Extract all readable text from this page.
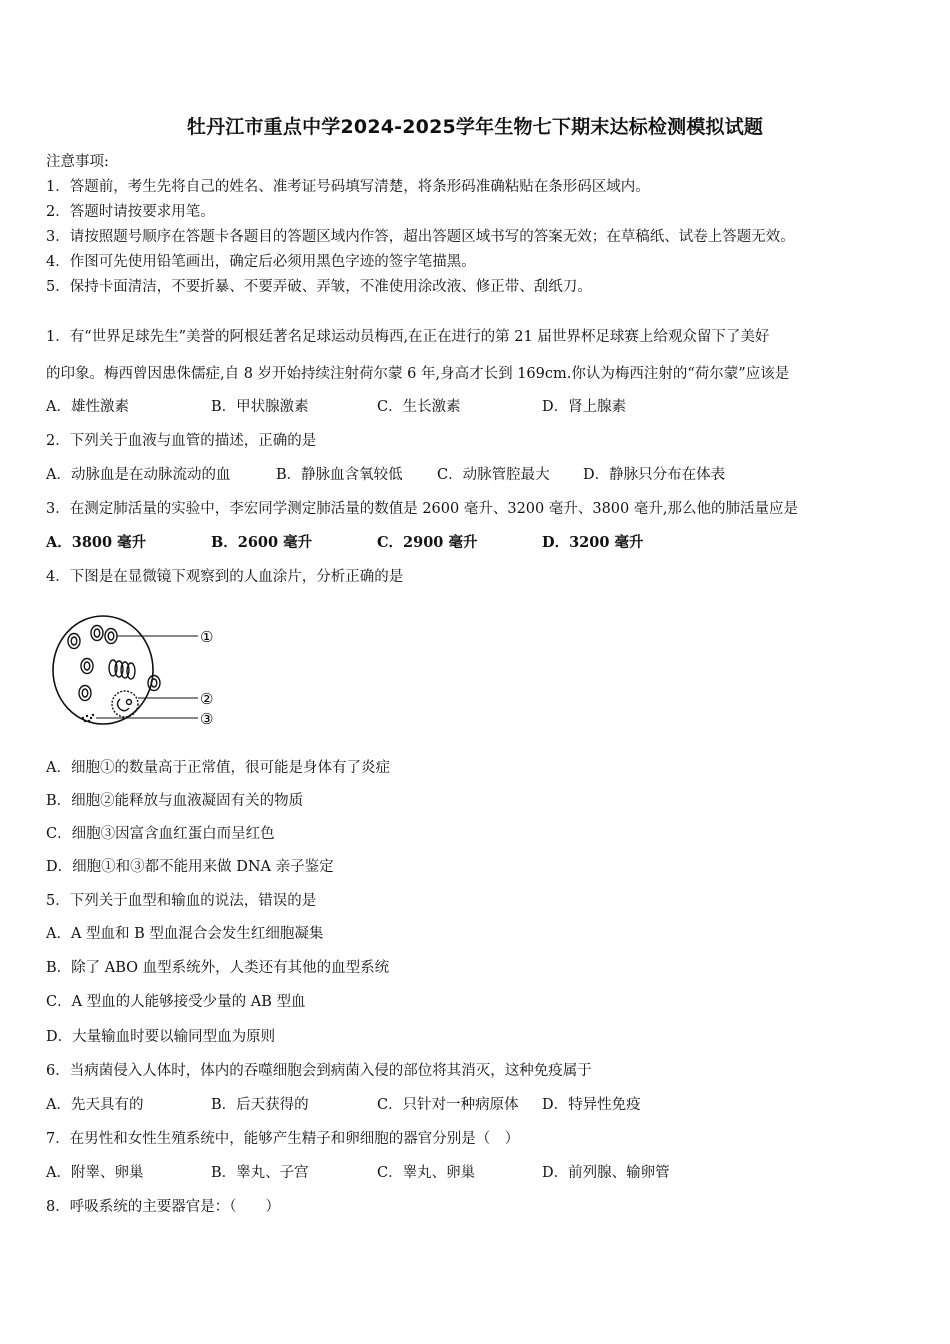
牡丹江市重点中学2024-2025学年生物七下期末达标检测模拟试题
注意事项:
1．答题前，考生先将自己的姓名、准考证号码填写清楚，将条形码准确粘贴在条形码区域内。
2．答题时请按要求用笔。
3．请按照题号顺序在答题卡各题目的答题区域内作答，超出答题区域书写的答案无效；在草稿纸、试卷上答题无效。
4．作图可先使用铅笔画出，确定后必须用黑色字迹的签字笔描黑。
5．保持卡面清洁，不要折暴、不要弄破、弄皱，不准使用涂改液、修正带、刮纸刀。
1．有“世界足球先生”美誉的阿根廷著名足球运动员梅西,在正在进行的第 21 届世界杯足球赛上给观众留下了美好
的印象。梅西曾因患侏儒症,自 8 岁开始持续注射荷尔蒙 6 年,身高才长到 169cm.你认为梅西注射的“荷尔蒙”应该是
A．雄性激素	B．甲状腺激素	C．生长激素	D．肾上腺素
2．下列关于血液与血管的描述，正确的是
A．动脉血是在动脉流动的血	B．静脉血含氧较低 C．动脉管腔最大 D．静脉只分布在体表
3．在测定肺活量的实验中，李宏同学测定肺活量的数值是 2600 毫升、3200 毫升、3800 毫升,那么他的肺活量应是
A．3800 毫升	B．2600 毫升	C．2900 毫升	D．3200 毫升
4．下图是在显微镜下观察到的人血涂片，分析正确的是
①
②
③
A．细胞①的数量高于正常值，很可能是身体有了炎症
B．细胞②能释放与血液凝固有关的物质
C．细胞③因富含血红蛋白而呈红色
D．细胞①和③都不能用来做 DNA 亲子鉴定
5．下列关于血型和输血的说法，错误的是
A．A 型血和 B 型血混合会发生红细胞凝集
B．除了 ABO 血型系统外，人类还有其他的血型系统
C．A 型血的人能够接受少量的 AB 型血
D．大量输血时要以输同型血为原则
6．当病菌侵入人体时，体内的吞噬细胞会到病菌入侵的部位将其消灭，这种免疫属于
A．先天具有的	B．后天获得的	C．只针对一种病原体 D．特异性免疫
7．在男性和女性生殖系统中，能够产生精子和卵细胞的器官分别是（　）
A．附睾、卵巢	B．睾丸、子宫	C．睾丸、卵巢	D．前列腺、输卵管
8．呼吸系统的主要器官是：（　　）
